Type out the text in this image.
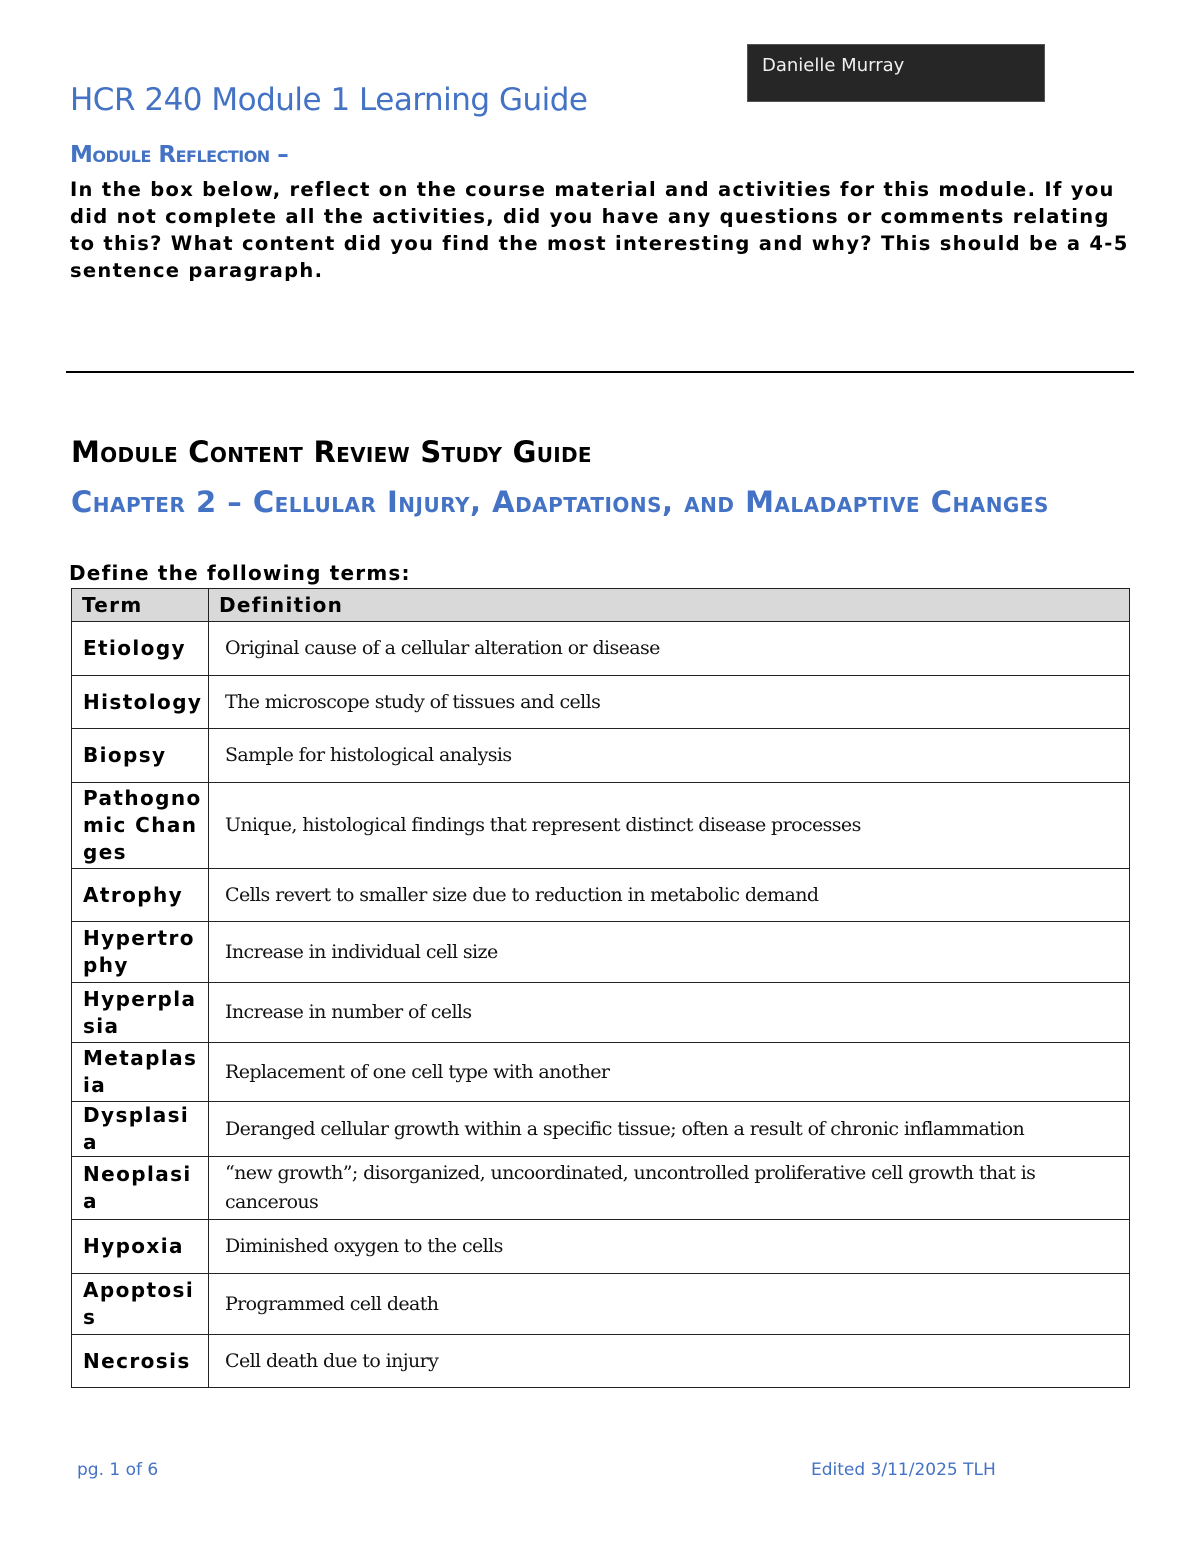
Danielle Murray
HCR 240 Module 1 Learning Guide
Module Reflection –
In the box below, reflect on the course material and activities for this module. If you did not complete all the activities, did you have any questions or comments relating to this? What content did you find the most interesting and why? This should be a 4-5 sentence paragraph.
Module Content Review Study Guide
Chapter 2 – Cellular Injury, Adaptations, and Maladaptive Changes
Define the following terms:
Term	Definition
Etiology	Original cause of a cellular alteration or disease
Histology	The microscope study of tissues and cells
Biopsy	Sample for histological analysis
Pathognomic Changes	Unique, histological findings that represent distinct disease processes
Atrophy	Cells revert to smaller size due to reduction in metabolic demand
Hypertrophy	Increase in individual cell size
Hyperplasia	Increase in number of cells
Metaplasia	Replacement of one cell type with another
Dysplasia	Deranged cellular growth within a specific tissue; often a result of chronic inflammation
Neoplasia	“new growth”; disorganized, uncoordinated, uncontrolled proliferative cell growth that is cancerous
Hypoxia	Diminished oxygen to the cells
Apoptosis	Programmed cell death
Necrosis	Cell death due to injury
pg. 1 of 6	Edited 3/11/2025 TLH
